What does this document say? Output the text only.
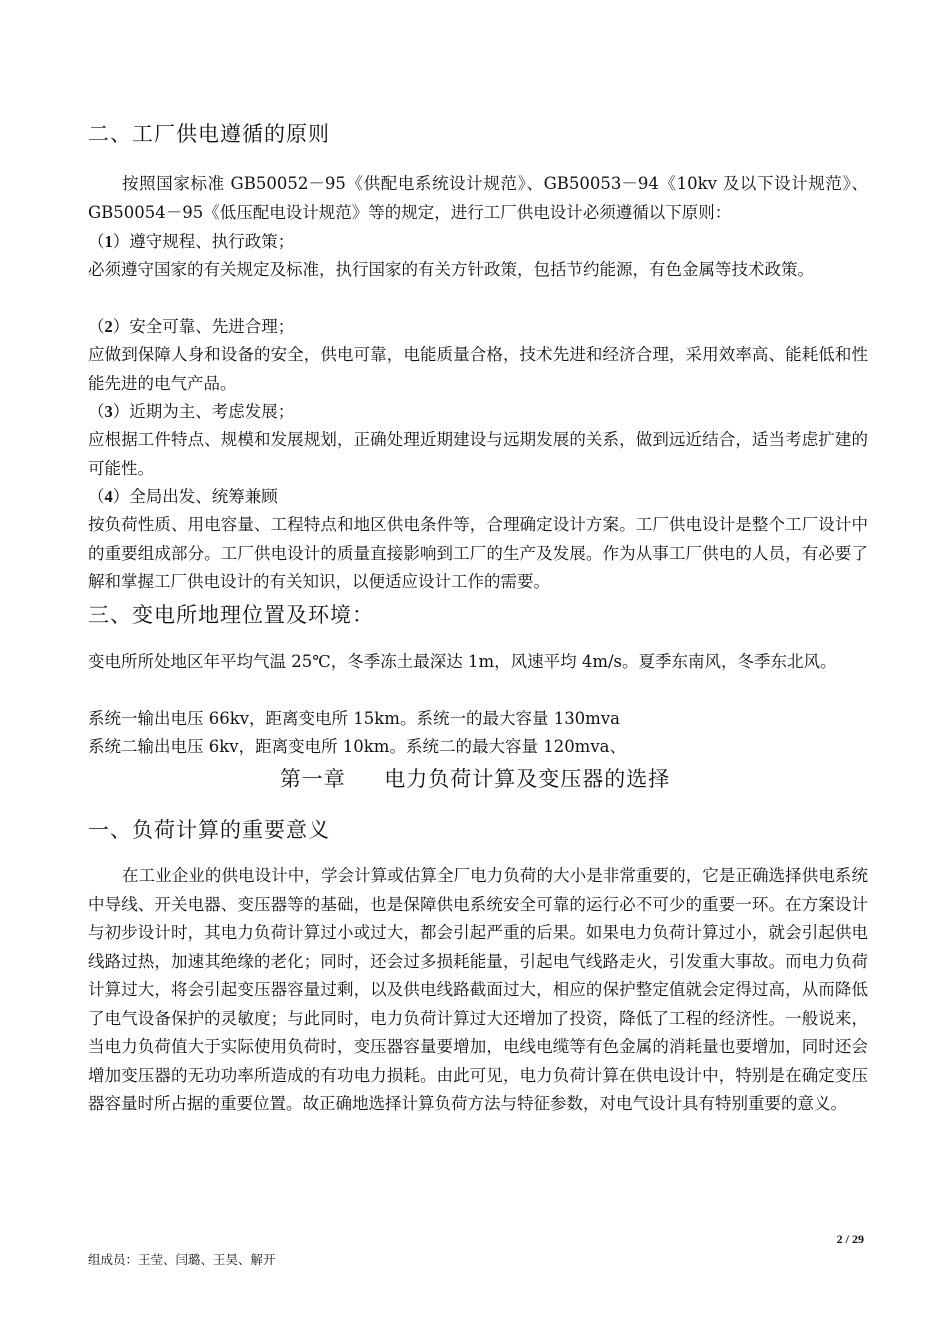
二、工厂供电遵循的原则
按照国家标准 GB50052－95《供配电系统设计规范》、GB50053－94《10kv 及以下设计规范》、GB50054－95《低压配电设计规范》等的规定，进行工厂供电设计必须遵循以下原则：
（1）遵守规程、执行政策；
必须遵守国家的有关规定及标准，执行国家的有关方针政策，包括节约能源，有色金属等技术政策。
（2）安全可靠、先进合理；
应做到保障人身和设备的安全，供电可靠，电能质量合格，技术先进和经济合理，采用效率高、能耗低和性能先进的电气产品。
（3）近期为主、考虑发展；
应根据工件特点、规模和发展规划，正确处理近期建设与远期发展的关系，做到远近结合，适当考虑扩建的可能性。
（4）全局出发、统筹兼顾
按负荷性质、用电容量、工程特点和地区供电条件等，合理确定设计方案。工厂供电设计是整个工厂设计中的重要组成部分。工厂供电设计的质量直接影响到工厂的生产及发展。作为从事工厂供电的人员，有必要了解和掌握工厂供电设计的有关知识，以便适应设计工作的需要。
三、变电所地理位置及环境：
变电所所处地区年平均气温 25℃，冬季冻土最深达 1m，风速平均 4m/s。夏季东南风，冬季东北风。
系统一输出电压 66kv，距离变电所 15km。系统一的最大容量 130mva
系统二输出电压 6kv，距离变电所 10km。系统二的最大容量 120mva、
第一章     电力负荷计算及变压器的选择
一、负荷计算的重要意义
在工业企业的供电设计中，学会计算或估算全厂电力负荷的大小是非常重要的，它是正确选择供电系统中导线、开关电器、变压器等的基础，也是保障供电系统安全可靠的运行必不可少的重要一环。在方案设计与初步设计时，其电力负荷计算过小或过大，都会引起严重的后果。如果电力负荷计算过小，就会引起供电线路过热，加速其绝缘的老化；同时，还会过多损耗能量，引起电气线路走火，引发重大事故。而电力负荷计算过大，将会引起变压器容量过剩，以及供电线路截面过大，相应的保护整定值就会定得过高，从而降低了电气设备保护的灵敏度；与此同时，电力负荷计算过大还增加了投资，降低了工程的经济性。一般说来，当电力负荷值大于实际使用负荷时，变压器容量要增加，电线电缆等有色金属的消耗量也要增加，同时还会增加变压器的无功功率所造成的有功电力损耗。由此可见，电力负荷计算在供电设计中，特别是在确定变压器容量时所占据的重要位置。故正确地选择计算负荷方法与特征参数，对电气设计具有特别重要的意义。
2 / 29
组成员：王莹、闫璐、王昊、解开
